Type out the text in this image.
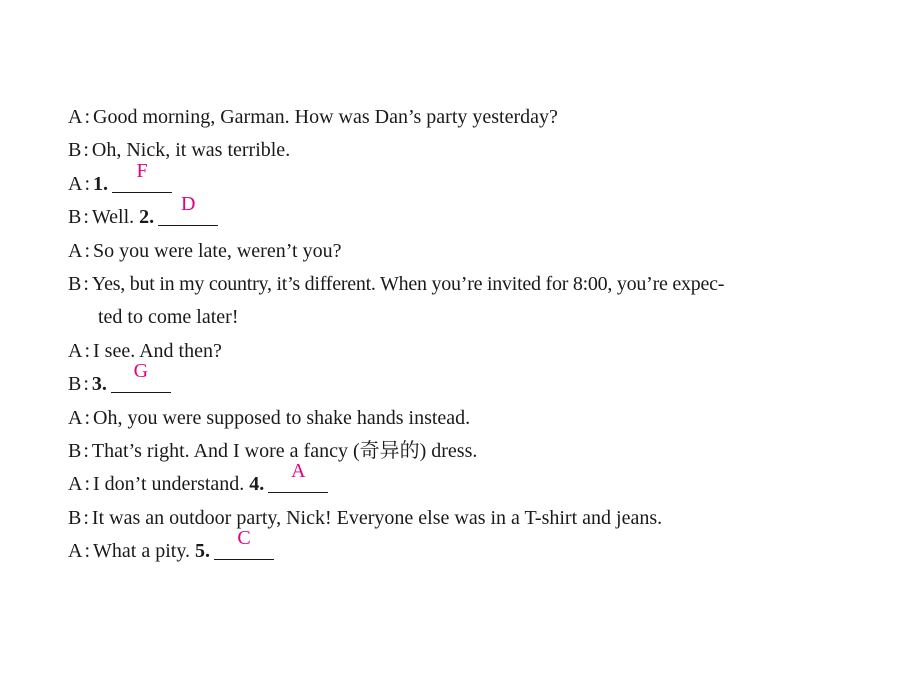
A : Good morning, Garman. How was Dan’s party yesterday?
B : Oh, Nick, it was terrible.
A : 1.
F
B : Well. 2.
D
A : So you were late, weren’t you?
B : Yes, but in my country, it’s different. When you’re invited for 8:00, you’re expec-
ted to come later!
A : I see. And then?
B : 3.
G
A : Oh, you were supposed to shake hands instead.
B : That’s right. And I wore a fancy (奇异的) dress.
A : I don’t understand. 4.
A
B : It was an outdoor party, Nick! Everyone else was in a T-shirt and jeans.
A : What a pity. 5.
C
